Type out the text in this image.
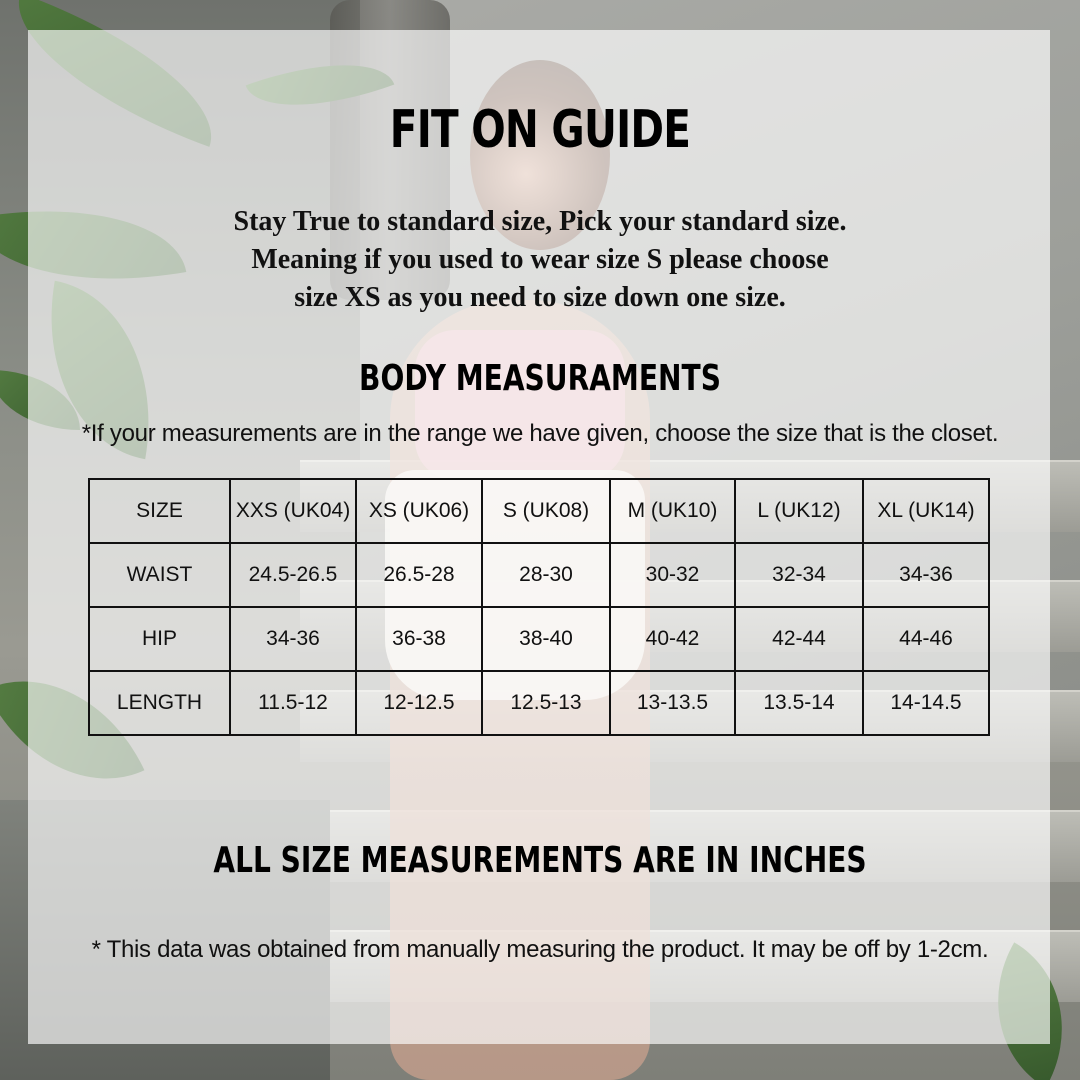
FIT ON GUIDE
Stay True to standard size, Pick your standard size.
Meaning if you used to wear size S please choose
size XS as you need to size down one size.
BODY MEASURAMENTS
*If your measurements are in the range we have given, choose the size that is the closet.
SIZE	XXS (UK04)	XS (UK06)	S (UK08)	M (UK10)	L (UK12)	XL (UK14)
WAIST	24.5-26.5	26.5-28	28-30	30-32	32-34	34-36
HIP	34-36	36-38	38-40	40-42	42-44	44-46
LENGTH	11.5-12	12-12.5	12.5-13	13-13.5	13.5-14	14-14.5
ALL SIZE MEASUREMENTS ARE IN INCHES
* This data was obtained from manually measuring the product. It may be off by 1-2cm.
